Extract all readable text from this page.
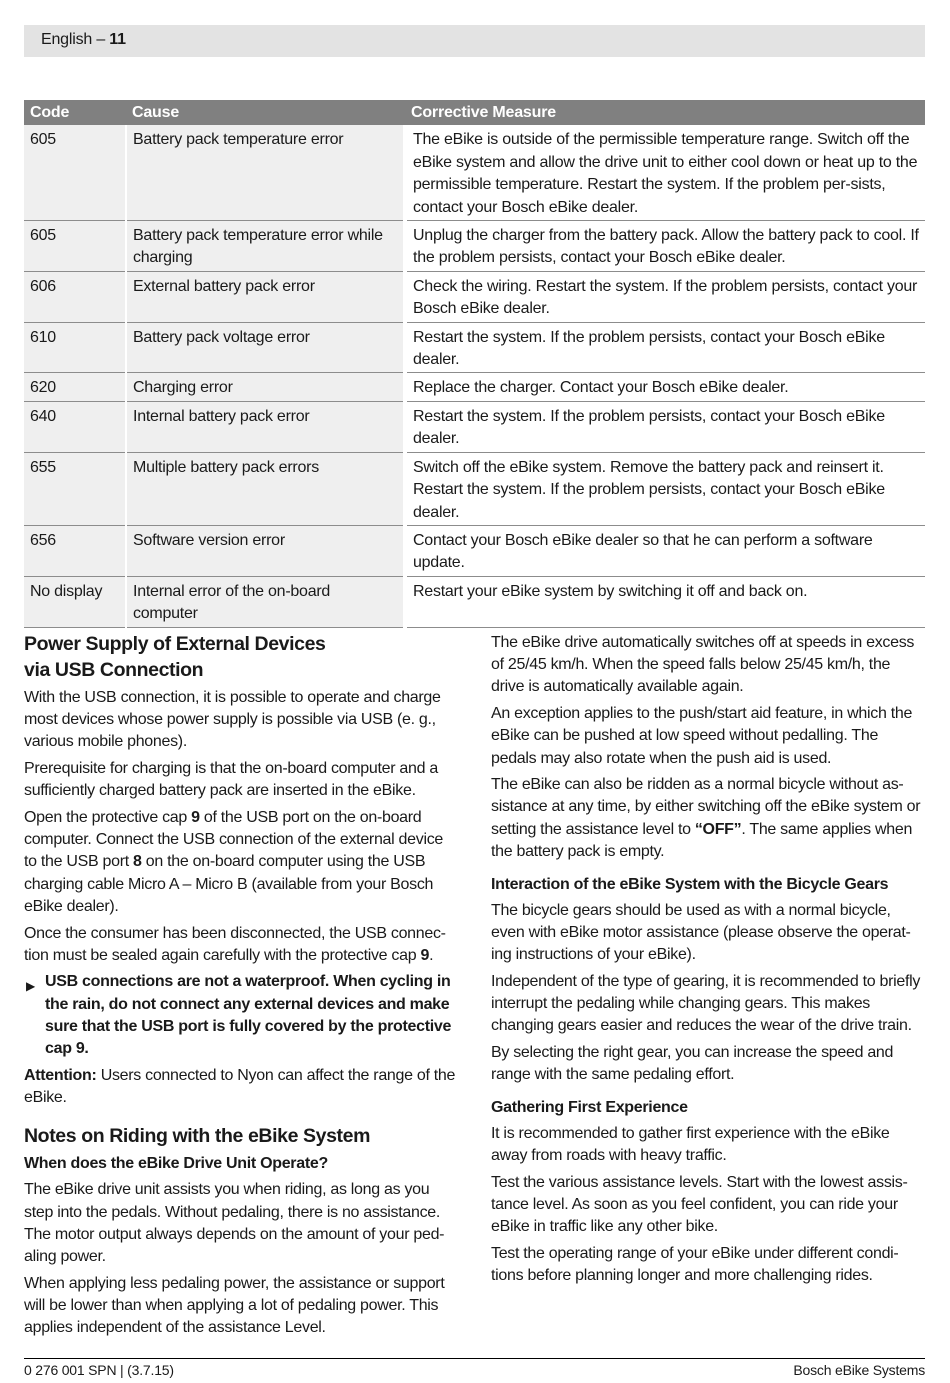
English – 11
Code	Cause	Corrective Measure
605	Battery pack temperature error	The eBike is outside of the permissible temperature range. Switch off the eBike system and allow the drive unit to either cool down or heat up to the permissible temperature. Restart the system. If the problem per-sists, contact your Bosch eBike dealer.
605	Battery pack temperature error while charging	Unplug the charger from the battery pack. Allow the battery pack to cool. If the problem persists, contact your Bosch eBike dealer.
606	External battery pack error	Check the wiring. Restart the system. If the problem persists, contact your Bosch eBike dealer.
610	Battery pack voltage error	Restart the system. If the problem persists, contact your Bosch eBike dealer.
620	Charging error	Replace the charger. Contact your Bosch eBike dealer.
640	Internal battery pack error	Restart the system. If the problem persists, contact your Bosch eBike dealer.
655	Multiple battery pack errors	Switch off the eBike system. Remove the battery pack and reinsert it. Restart the system. If the problem persists, contact your Bosch eBike dealer.
656	Software version error	Contact your Bosch eBike dealer so that he can perform a software update.
No display	Internal error of the on-board computer	Restart your eBike system by switching it off and back on.
Power Supply of External Devices
via USB Connection

With the USB connection, it is possible to operate and charge most devices whose power supply is possible via USB (e. g., various mobile phones).

Prerequisite for charging is that the on-board computer and a sufficiently charged battery pack are inserted in the eBike.

Open the protective cap 9 of the USB port on the on-board computer. Connect the USB connection of the external device to the USB port 8 on the on-board computer using the USB charging cable Micro A – Micro B (available from your Bosch eBike dealer).

Once the consumer has been disconnected, the USB connec-tion must be sealed again carefully with the protective cap 9.

▶ USB connections are not a waterproof. When cycling in the rain, do not connect any external devices and make sure that the USB port is fully covered by the protective cap 9.

Attention: Users connected to Nyon can affect the range of the eBike.

Notes on Riding with the eBike System
When does the eBike Drive Unit Operate?

The eBike drive unit assists you when riding, as long as you step into the pedals. Without pedaling, there is no assistance. The motor output always depends on the amount of your ped-aling power.

When applying less pedaling power, the assistance or support will be lower than when applying a lot of pedaling power. This applies independent of the assistance Level.

The eBike drive automatically switches off at speeds in excess of 25/45 km/h. When the speed falls below 25/45 km/h, the drive is automatically available again.

An exception applies to the push/start aid feature, in which the eBike can be pushed at low speed without pedalling. The pedals may also rotate when the push aid is used.

The eBike can also be ridden as a normal bicycle without as-sistance at any time, by either switching off the eBike system or setting the assistance level to “OFF”. The same applies when the battery pack is empty.

Interaction of the eBike System with the Bicycle Gears

The bicycle gears should be used as with a normal bicycle, even with eBike motor assistance (please observe the operat-ing instructions of your eBike).

Independent of the type of gearing, it is recommended to briefly interrupt the pedaling while changing gears. This makes changing gears easier and reduces the wear of the drive train.

By selecting the right gear, you can increase the speed and range with the same pedaling effort.

Gathering First Experience

It is recommended to gather first experience with the eBike away from roads with heavy traffic.

Test the various assistance levels. Start with the lowest assis-tance level. As soon as you feel confident, you can ride your eBike in traffic like any other bike.

Test the operating range of your eBike under different condi-tions before planning longer and more challenging rides.

0 276 001 SPN | (3.7.15)	Bosch eBike Systems
